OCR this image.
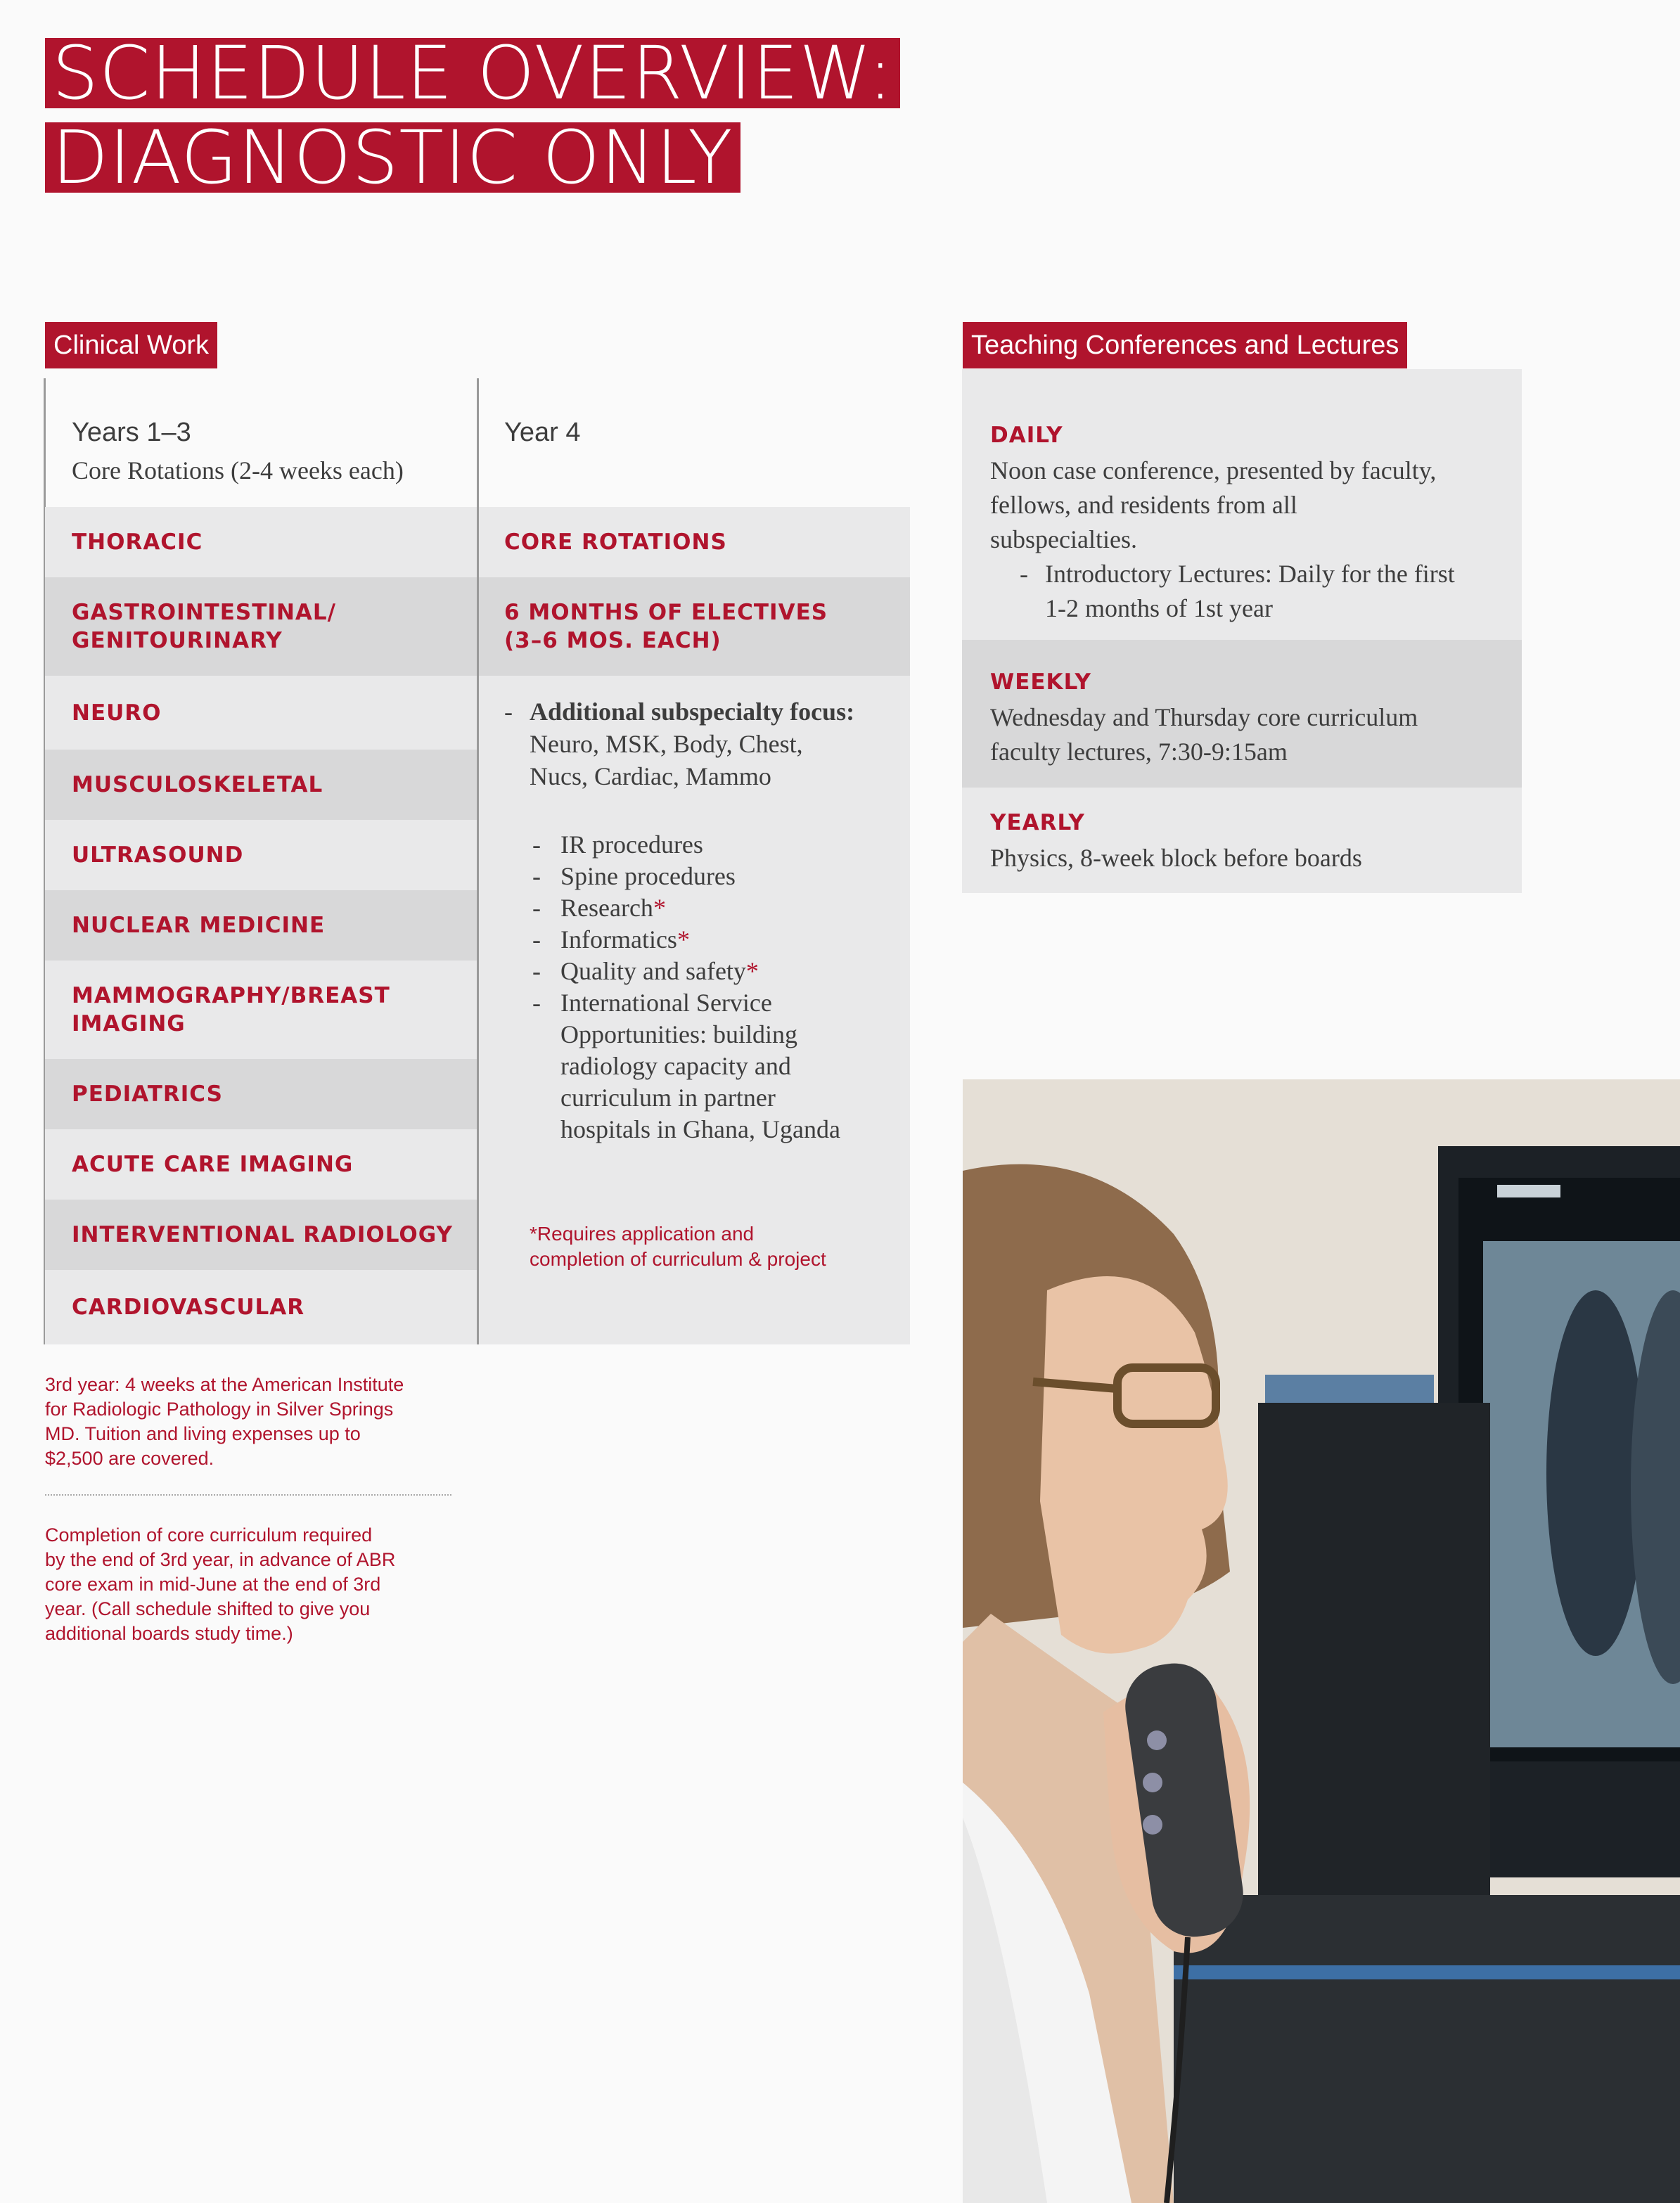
SCHEDULE OVERVIEW:
DIAGNOSTIC ONLY
Clinical Work
Years 1–3
Core Rotations (2-4 weeks each)
Year 4
THORACIC
GASTROINTESTINAL/
GENITOURINARY
NEURO
MUSCULOSKELETAL
ULTRASOUND
NUCLEAR MEDICINE
MAMMOGRAPHY/BREAST
IMAGING
PEDIATRICS
ACUTE CARE IMAGING
INTERVENTIONAL RADIOLOGY
CARDIOVASCULAR
CORE ROTATIONS
6 MONTHS OF ELECTIVES
(3–6 MOS. EACH)
- Additional subspecialty focus:
Neuro, MSK, Body, Chest,
Nucs, Cardiac, Mammo
- IR procedures
- Spine procedures
- Research*
- Informatics*
- Quality and safety*
- International Service
Opportunities: building
radiology capacity and
curriculum in partner
hospitals in Ghana, Uganda
*Requires application and
completion of curriculum & project
3rd year: 4 weeks at the American Institute
for Radiologic Pathology in Silver Springs
MD. Tuition and living expenses up to
$2,500 are covered.
Completion of core curriculum required
by the end of 3rd year, in advance of ABR
core exam in mid-June at the end of 3rd
year. (Call schedule shifted to give you
additional boards study time.)
Teaching Conferences and Lectures
DAILY
Noon case conference, presented by faculty,
fellows, and residents from all
subspecialties.
- Introductory Lectures: Daily for the first
1-2 months of 1st year
WEEKLY
Wednesday and Thursday core curriculum
faculty lectures, 7:30-9:15am
YEARLY
Physics, 8-week block before boards
